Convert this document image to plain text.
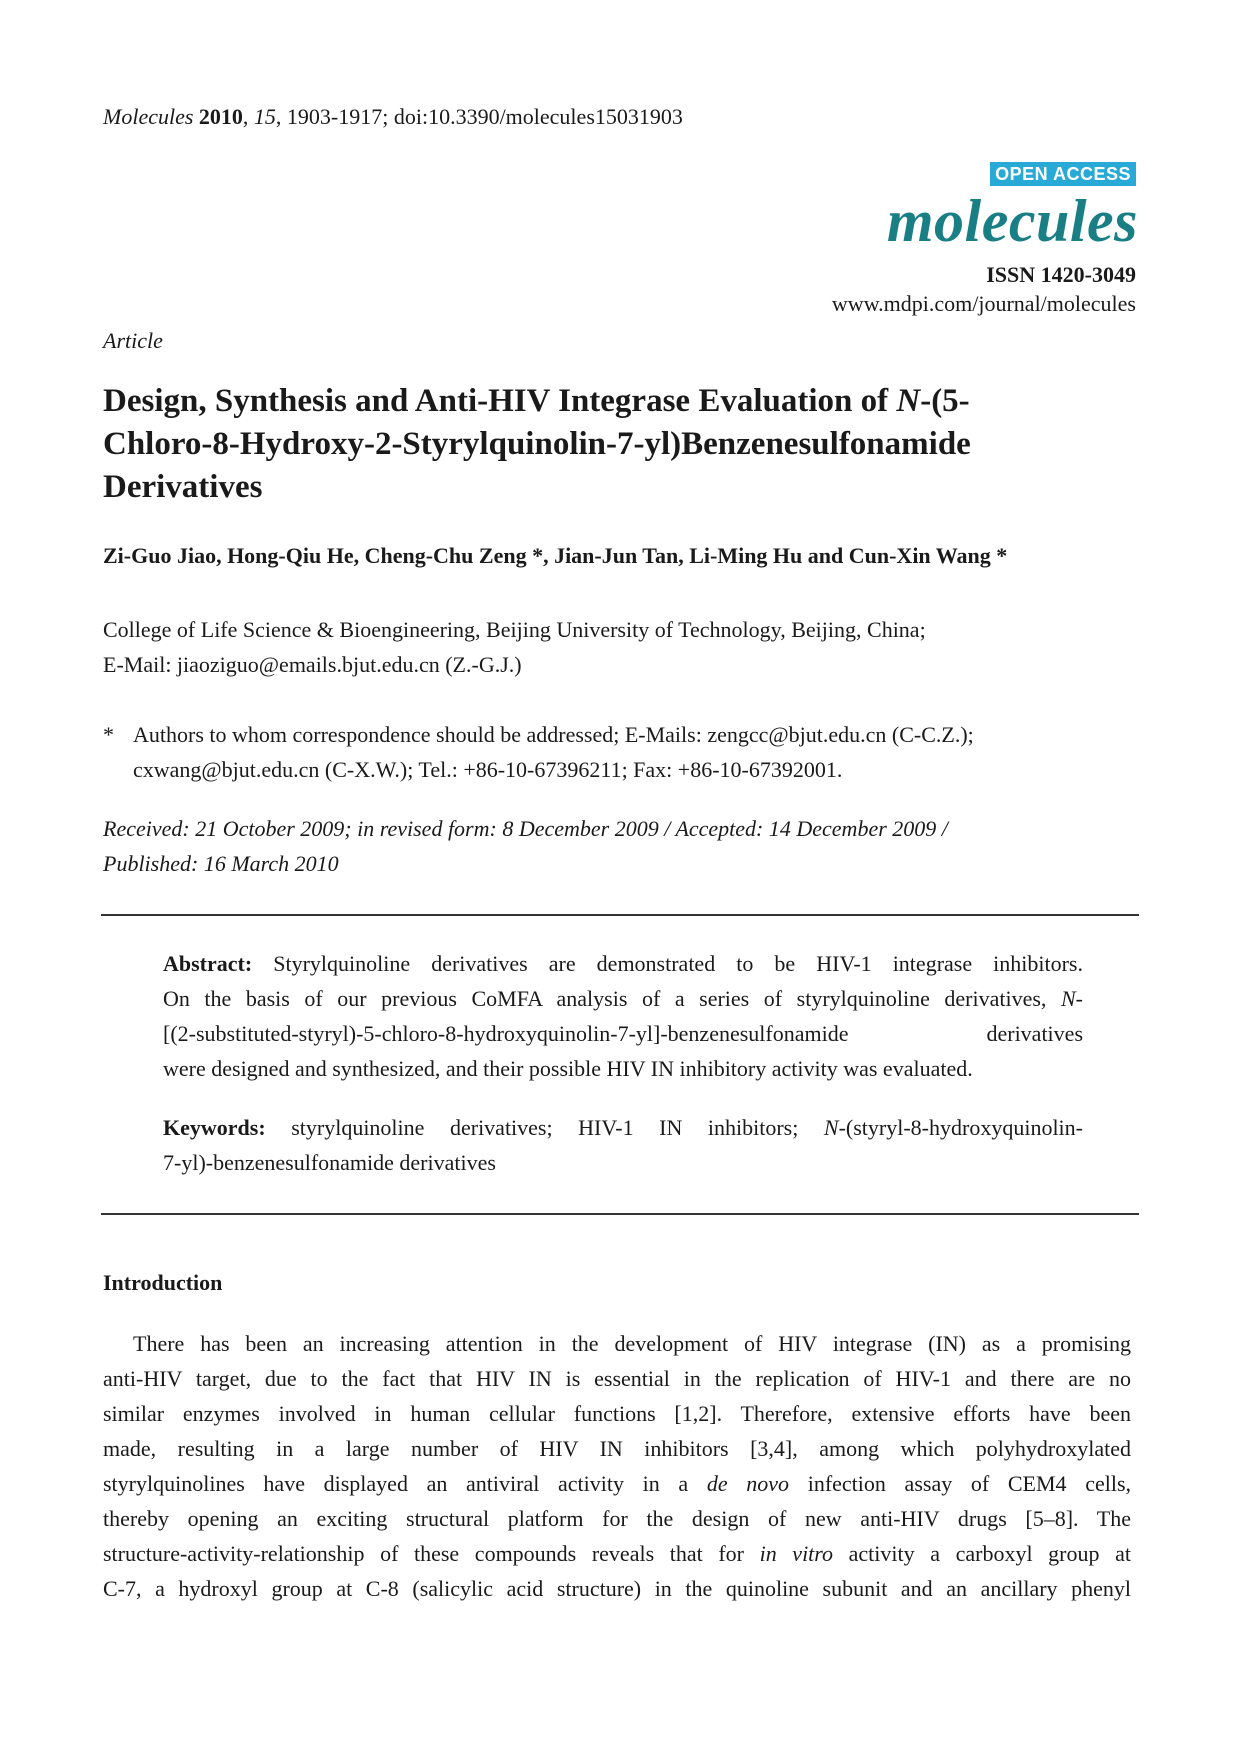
Molecules 2010, 15, 1903-1917; doi:10.3390/molecules15031903
OPEN ACCESS
molecules
ISSN 1420-3049
www.mdpi.com/journal/molecules
Article
Design, Synthesis and Anti-HIV Integrase Evaluation of N-(5-
Chloro-8-Hydroxy-2-Styrylquinolin-7-yl)Benzenesulfonamide
Derivatives
Zi-Guo Jiao, Hong-Qiu He, Cheng-Chu Zeng *, Jian-Jun Tan, Li-Ming Hu and Cun-Xin Wang *
College of Life Science & Bioengineering, Beijing University of Technology, Beijing, China;
E-Mail: jiaoziguo@emails.bjut.edu.cn (Z.-G.J.)
* Authors to whom correspondence should be addressed; E-Mails: zengcc@bjut.edu.cn (C-C.Z.);
cxwang@bjut.edu.cn (C-X.W.); Tel.: +86-10-67396211; Fax: +86-10-67392001.
Received: 21 October 2009; in revised form: 8 December 2009 / Accepted: 14 December 2009 /
Published: 16 March 2010
Abstract: Styrylquinoline derivatives are demonstrated to be HIV-1 integrase inhibitors.
On the basis of our previous CoMFA analysis of a series of styrylquinoline derivatives, N-
[(2-substituted-styryl)-5-chloro-8-hydroxyquinolin-7-yl]-benzenesulfonamide derivatives
were designed and synthesized, and their possible HIV IN inhibitory activity was evaluated.
Keywords: styrylquinoline derivatives; HIV-1 IN inhibitors; N-(styryl-8-hydroxyquinolin-
7-yl)-benzenesulfonamide derivatives
Introduction
There has been an increasing attention in the development of HIV integrase (IN) as a promising
anti-HIV target, due to the fact that HIV IN is essential in the replication of HIV-1 and there are no
similar enzymes involved in human cellular functions [1,2]. Therefore, extensive efforts have been
made, resulting in a large number of HIV IN inhibitors [3,4], among which polyhydroxylated
styrylquinolines have displayed an antiviral activity in a de novo infection assay of CEM4 cells,
thereby opening an exciting structural platform for the design of new anti-HIV drugs [5–8]. The
structure-activity-relationship of these compounds reveals that for in vitro activity a carboxyl group at
C-7, a hydroxyl group at C-8 (salicylic acid structure) in the quinoline subunit and an ancillary phenyl
